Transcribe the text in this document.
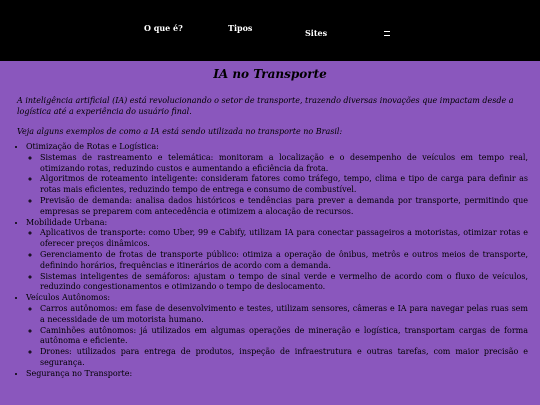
O que é?	Tipos	Sites
IA no Transporte

A inteligência artificial (IA) está revolucionando o setor de transporte, trazendo diversas inovações que impactam desde a logística até a experiência do usuário final.

Veja alguns exemplos de como a IA está sendo utilizada no transporte no Brasil:

• Otimização de Rotas e Logística:
◦ Sistemas de rastreamento e telemática: monitoram a localização e o desempenho de veículos em tempo real, otimizando rotas, reduzindo custos e aumentando a eficiência da frota.
◦ Algoritmos de roteamento inteligente: consideram fatores como tráfego, tempo, clima e tipo de carga para definir as rotas mais eficientes, reduzindo tempo de entrega e consumo de combustível.
◦ Previsão de demanda: analisa dados históricos e tendências para prever a demanda por transporte, permitindo que empresas se preparem com antecedência e otimizem a alocação de recursos.
• Mobilidade Urbana:
◦ Aplicativos de transporte: como Uber, 99 e Cabify, utilizam IA para conectar passageiros a motoristas, otimizar rotas e oferecer preços dinâmicos.
◦ Gerenciamento de frotas de transporte público: otimiza a operação de ônibus, metrôs e outros meios de transporte, definindo horários, frequências e itinerários de acordo com a demanda.
◦ Sistemas inteligentes de semáforos: ajustam o tempo de sinal verde e vermelho de acordo com o fluxo de veículos, reduzindo congestionamentos e otimizando o tempo de deslocamento.
• Veículos Autônomos:
◦ Carros autônomos: em fase de desenvolvimento e testes, utilizam sensores, câmeras e IA para navegar pelas ruas sem a necessidade de um motorista humano.
◦ Caminhões autônomos: já utilizados em algumas operações de mineração e logística, transportam cargas de forma autônoma e eficiente.
◦ Drones: utilizados para entrega de produtos, inspeção de infraestrutura e outras tarefas, com maior precisão e segurança.
• Segurança no Transporte:
